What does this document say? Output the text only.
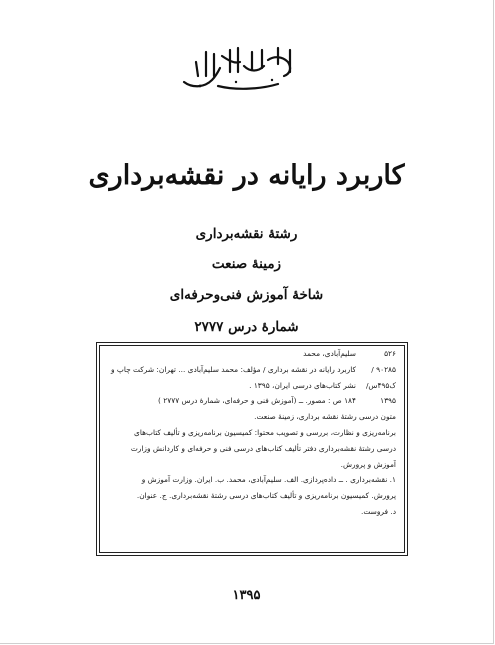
کاربرد رایانه در نقشه‌برداری
رشتهٔ نقشه‌برداری
زمینهٔ صنعت
شاخهٔ آموزش فنی‌و‌حرفه‌ای
شمارهٔ درس ۲۷۷۷
۵۲۶
سلیم‌آبادی، محمد
۹۰۲۸۵ /
کاربرد رایانه در نقشه برداری / مؤلف: محمد سلیم‌آبادی ... تهران: شرکت چاپ و
ک۴۹۵س/
نشر کتاب‌های درسی ایران، ۱۳۹۵ .
۱۳۹۵
۱۸۴ ص : مصور. ــ (آموزش فنی و حرفه‌ای، شمارهٔ درس ۲۷۷۷ )
متون درسی رشتهٔ نقشه برداری، زمینهٔ صنعت.
برنامه‌ریزی و نظارت، بررسی و تصویب محتوا: کمیسیون برنامه‌ریزی و تألیف کتاب‌های
درسی رشتهٔ نقشه‌برداری دفتر تألیف کتاب‌های درسی فنی و حرفه‌ای و کاردانش وزارت
آموزش و پرورش.
۱. نقشه‌برداری . ــ داده‌پردازی. الف. سلیم‌آبادی، محمد. ب. ایران. وزارت آموزش و
پرورش. کمیسیون برنامه‌ریزی و تألیف کتاب‌های درسی رشتهٔ نقشه‌برداری. ج. عنوان.
د. فروست.
۱۳۹۵
